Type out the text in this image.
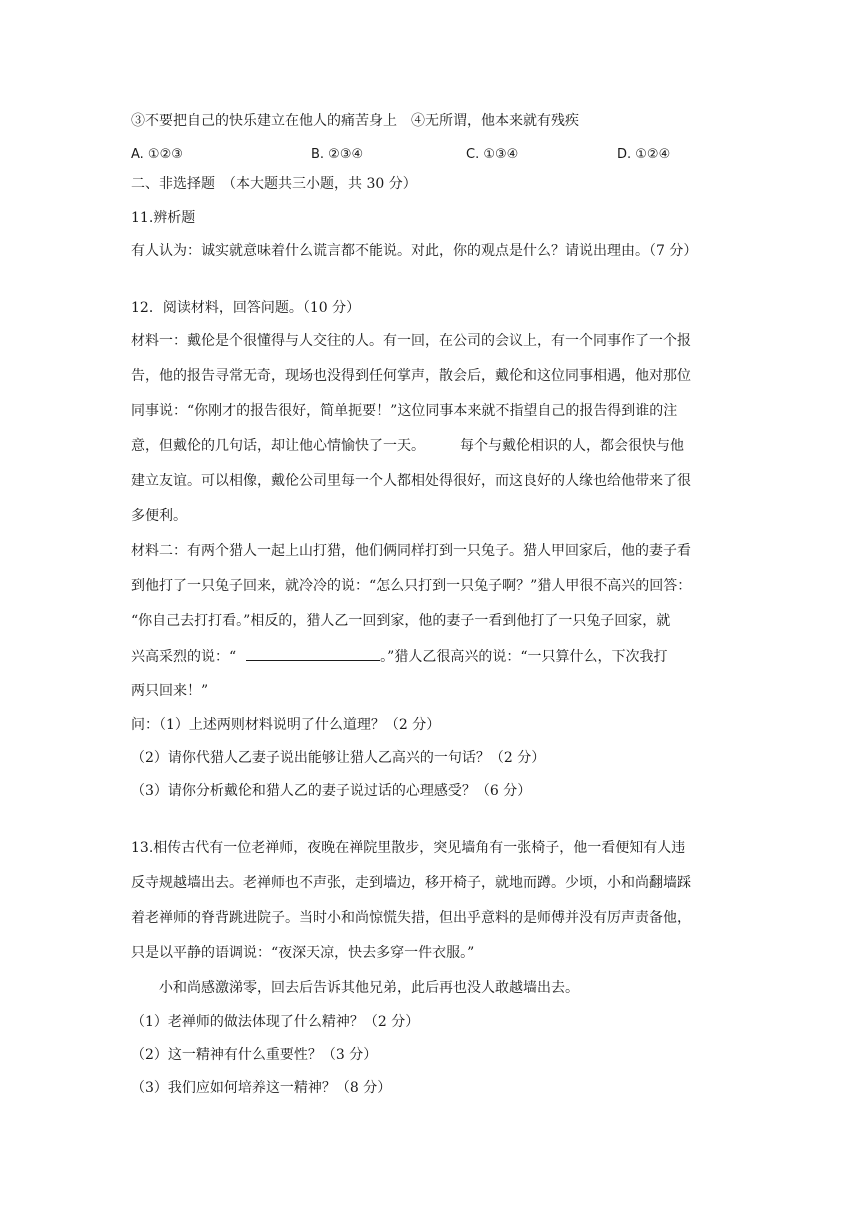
③不要把自己的快乐建立在他人的痛苦身上　④无所谓，他本来就有残疾
A. ①②③	B. ②③④	C. ①③④	D. ①②④
二、非选择题　（本大题共三小题，共 30 分）
11.辨析题
有人认为：诚实就意味着什么谎言都不能说。对此，你的观点是什么？请说出理由。（7 分）
12．阅读材料，回答问题。（10 分）
材料一：戴伦是个很懂得与人交往的人。有一回，在公司的会议上，有一个同事作了一个报
告，他的报告寻常无奇，现场也没得到任何掌声，散会后，戴伦和这位同事相遇，他对那位
同事说：“你刚才的报告很好，简单扼要！”这位同事本来就不指望自己的报告得到谁的注
意，但戴伦的几句话，却让他心情愉快了一天。　　　每个与戴伦相识的人，都会很快与他
建立友谊。可以相像，戴伦公司里每一个人都相处得很好，而这良好的人缘也给他带来了很
多便利。
材料二：有两个猎人一起上山打猎，他们俩同样打到一只兔子。猎人甲回家后，他的妻子看
到他打了一只兔子回来，就冷冷的说：“怎么只打到一只兔子啊？”猎人甲很不高兴的回答：
“你自己去打打看。”相反的，猎人乙一回到家，他的妻子一看到他打了一只兔子回家，就
兴高采烈的说：“	。”猎人乙很高兴的说：“一只算什么，下次我打
两只回来！”
问：（1）上述两则材料说明了什么道理？（2 分）
（2）请你代猎人乙妻子说出能够让猎人乙高兴的一句话？（2 分）
（3）请你分析戴伦和猎人乙的妻子说过话的心理感受？（6 分）
13.相传古代有一位老禅师，夜晚在禅院里散步，突见墙角有一张椅子，他一看便知有人违
反寺规越墙出去。老禅师也不声张，走到墙边，移开椅子，就地而蹲。少顷，小和尚翻墙踩
着老禅师的脊背跳进院子。当时小和尚惊慌失措，但出乎意料的是师傅并没有厉声责备他，
只是以平静的语调说：“夜深天凉，快去多穿一件衣服。”
　　小和尚感激涕零，回去后告诉其他兄弟，此后再也没人敢越墙出去。
（1）老禅师的做法体现了什么精神？（2 分）
（2）这一精神有什么重要性？（3 分）
（3）我们应如何培养这一精神？（8 分）
